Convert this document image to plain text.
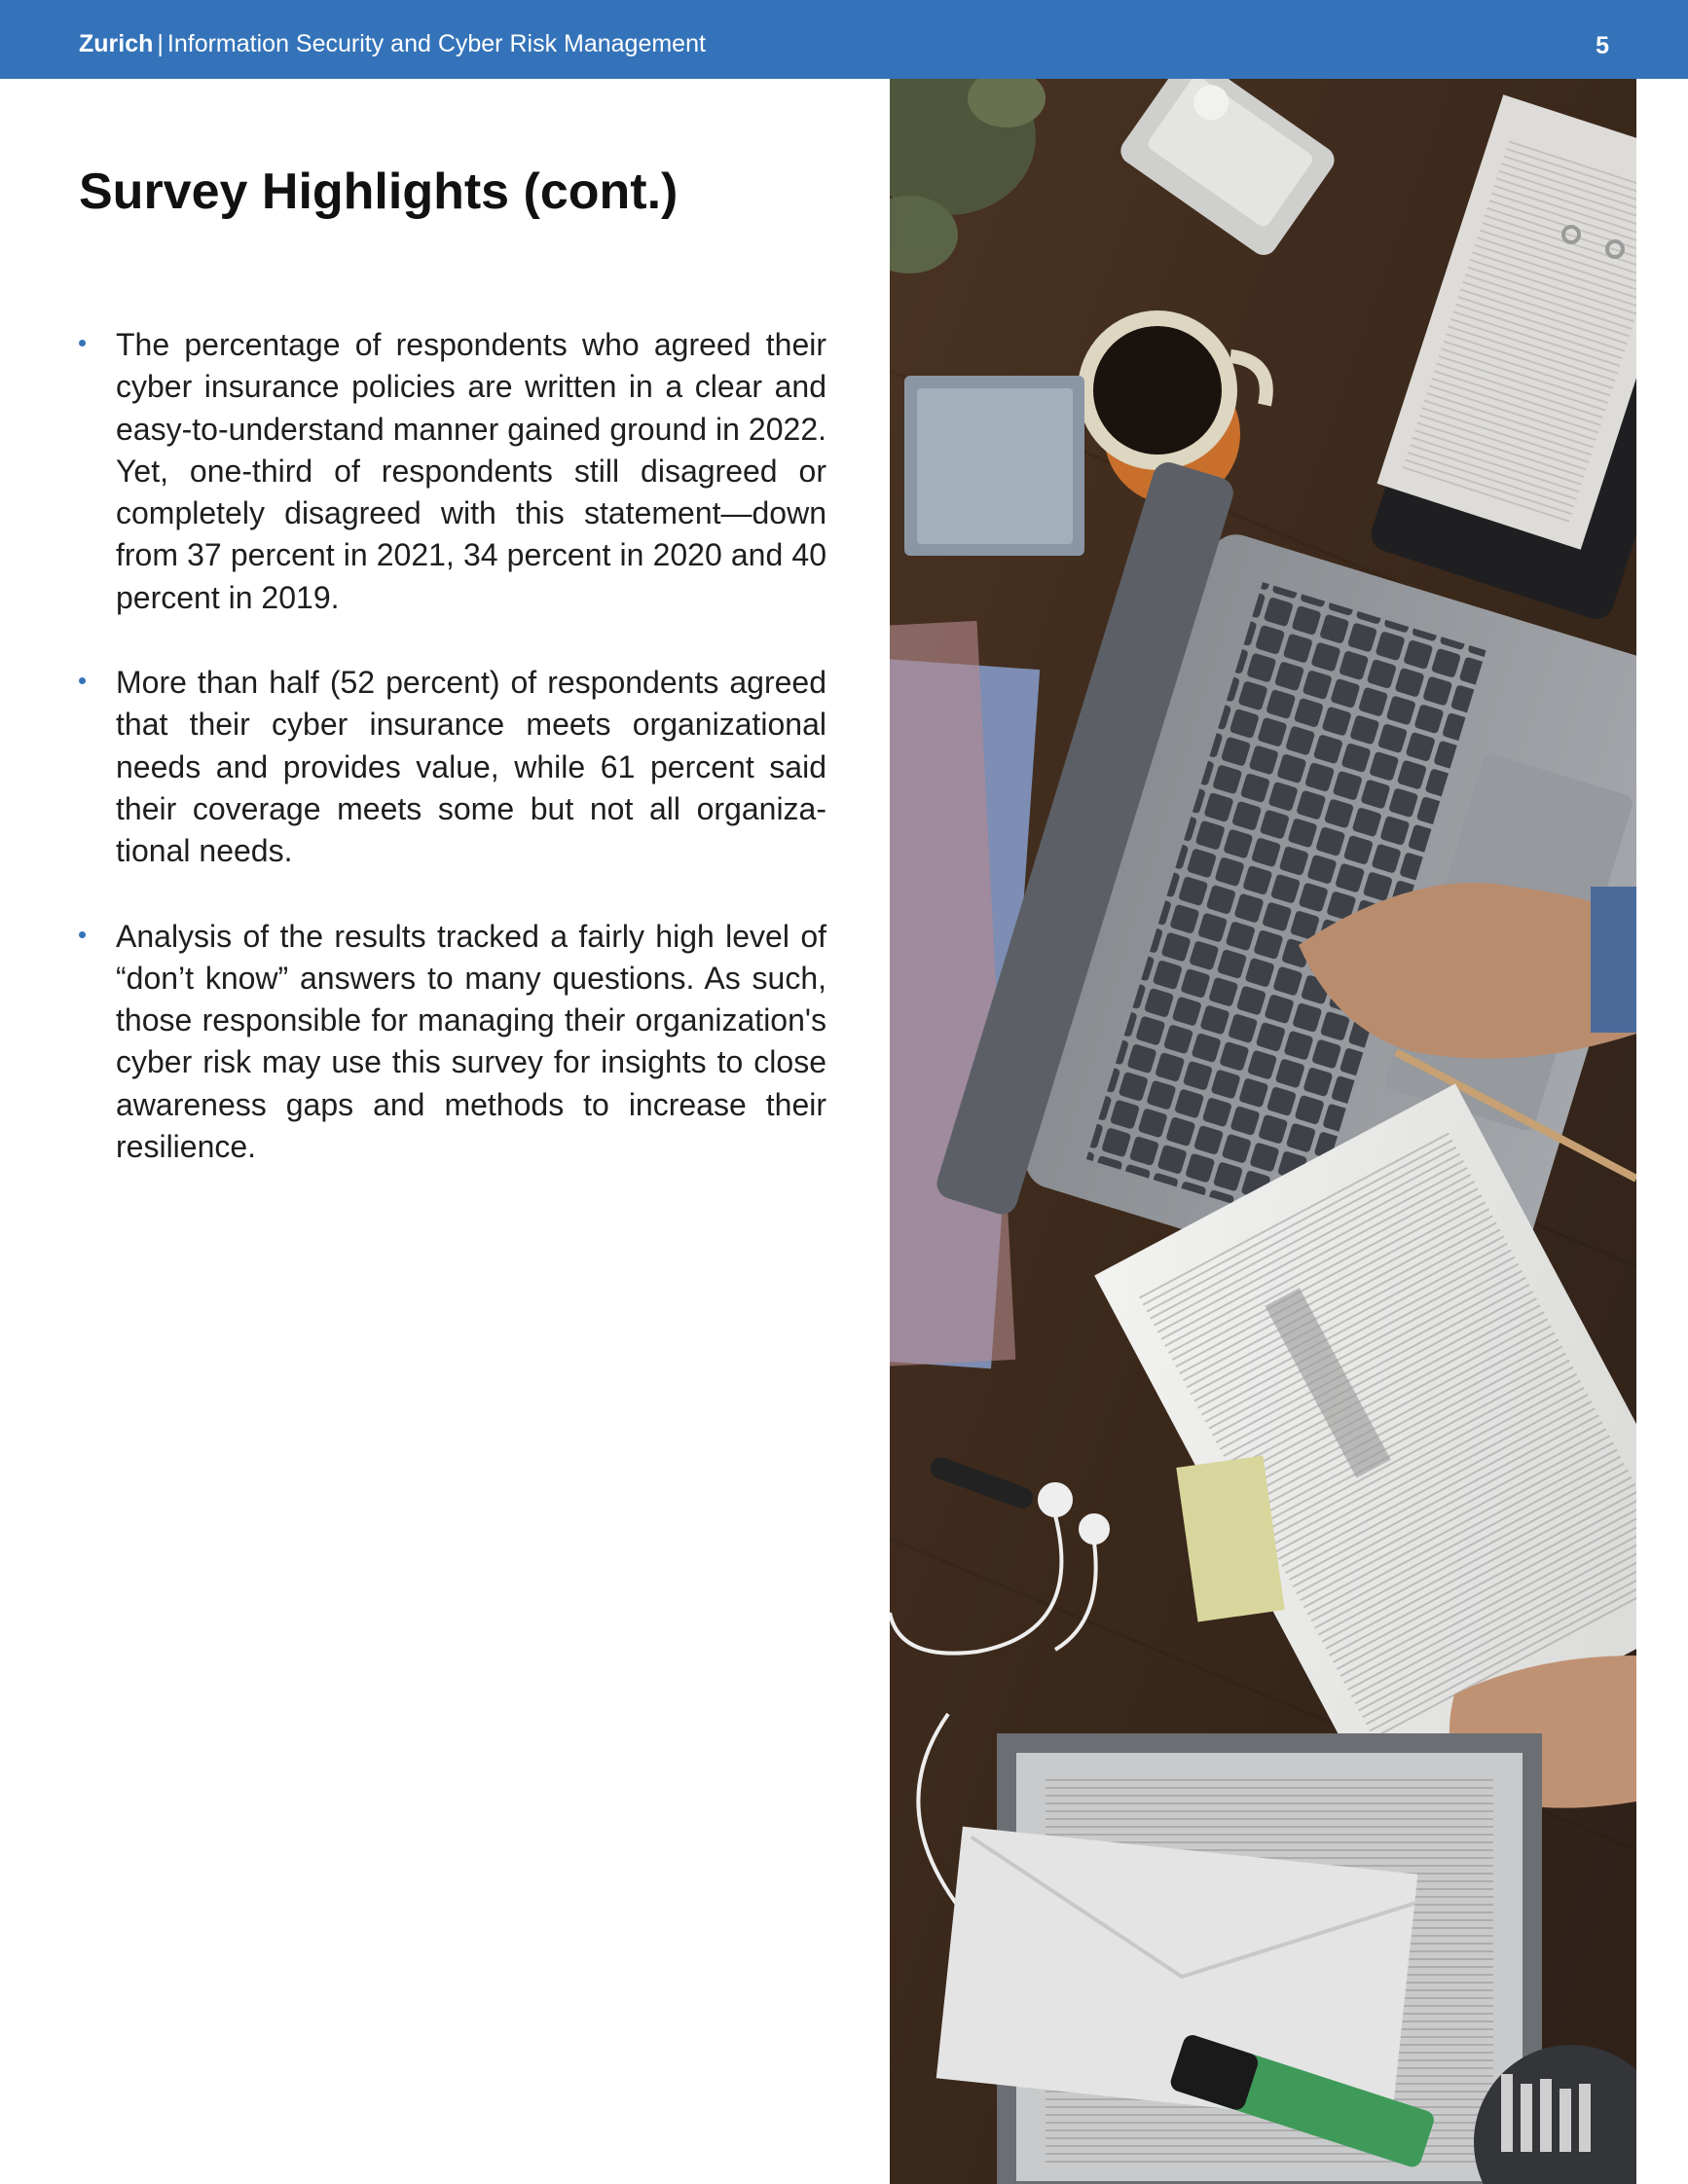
Zurich | Information Security and Cyber Risk Management	5
Survey Highlights (cont.)
The percentage of respondents who agreed their cyber insurance policies are written in a clear and easy-to-understand manner gained ground in 2022. Yet, one-third of respondents still disagreed or completely disagreed with this statement—down from 37 percent in 2021, 34 percent in 2020 and 40 percent in 2019.
More than half (52 percent) of respondents agreed that their cyber insurance meets organizational needs and provides value, while 61 percent said their coverage meets some but not all organizational needs.
Analysis of the results tracked a fairly high level of “don’t know” answers to many questions. As such, those responsible for managing their organization's cyber risk may use this survey for insights to close awareness gaps and methods to increase their resilience.
